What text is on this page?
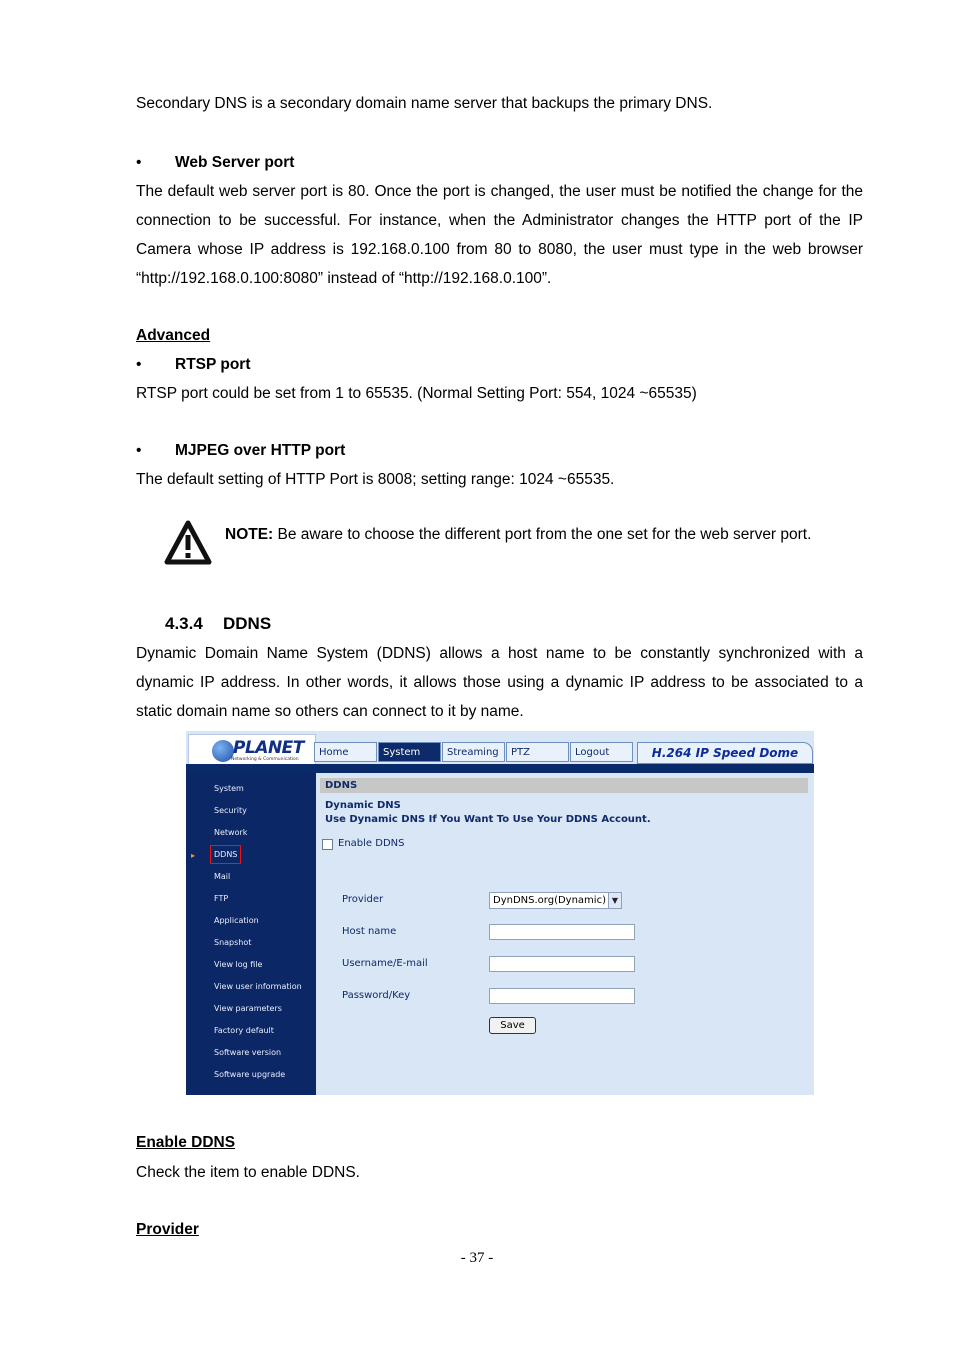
Secondary DNS is a secondary domain name server that backups the primary DNS.

• Web Server port

The default web server port is 80. Once the port is changed, the user must be notified the change for the connection to be successful. For instance, when the Administrator changes the HTTP port of the IP Camera whose IP address is 192.168.0.100 from 80 to 8080, the user must type in the web browser “http://192.168.0.100:8080” instead of “http://192.168.0.100”.

Advanced
• RTSP port

RTSP port could be set from 1 to 65535. (Normal Setting Port: 554, 1024 ~65535)

• MJPEG over HTTP port

The default setting of HTTP Port is 8008; setting range: 1024 ~65535.

NOTE: Be aware to choose the different port from the one set for the web server port.
4.3.4 DDNS

Dynamic Domain Name System (DDNS) allows a host name to be constantly synchronized with a dynamic IP address. In other words, it allows those using a dynamic IP address to be associated to a static domain name so others can connect to it by name.

PLANET
Networking & Communication
Home	System	Streaming	PTZ	Logout	H.264 IP Speed Dome
System
Security
Network
▸	DDNS
Mail
FTP
Application
Snapshot
View log file
View user information
View parameters
Factory default
Software version
Software upgrade
DDNS
Dynamic DNS
Use Dynamic DNS If You Want To Use Your DDNS Account.
Enable DDNS
Provider	DynDNS.org(Dynamic) ▼
Host name
Username/E-mail
Password/Key
Save
Enable DDNS

Check the item to enable DDNS.

Provider
- 37 -
